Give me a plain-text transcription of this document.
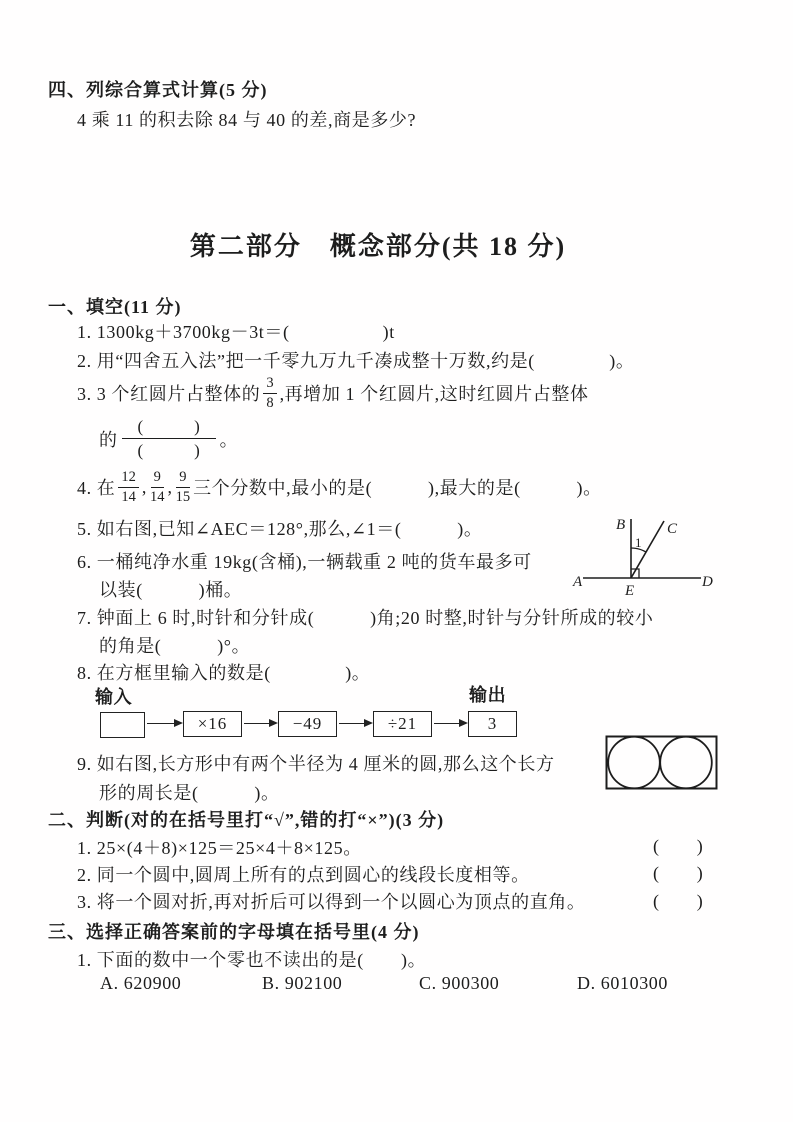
四、列综合算式计算(5 分)
4 乘 11 的积去除 84 与 40 的差,商是多少?
第二部分　概念部分(共 18 分)
一、填空(11 分)
1. 1300kg＋3700kg－3t＝(　　　　　)t
2. 用“四舍五入法”把一千零九万九千凑成整十万数,约是(　　　　)。
3. 3 个红圆片占整体的 $\frac{3}{8}$ ,再增加 1 个红圆片,这时红圆片占整体
的 $\frac{( )}{( )}$ 。
4. 在 $\frac{12}{14}$ , $\frac{9}{14}$ , $\frac{9}{15}$ 三个分数中,最小的是(　　　),最大的是(　　　)。
5. 如右图,已知∠AEC＝128°,那么,∠1＝(　　　)。
6. 一桶纯净水重 19kg(含桶),一辆载重 2 吨的货车最多可
以装(　　　)桶。
7. 钟面上 6 时,时针和分针成(　　　)角;20 时整,时针与分针所成的较小
的角是(　　　)°。
8. 在方框里输入的数是(　　　　)。
输入	输出
×16	−49	÷21	3
9. 如右图,长方形中有两个半径为 4 厘米的圆,那么这个长方
形的周长是(　　　)。
B	C
A	D
E
1
二、判断(对的在括号里打“√”,错的打“×”)(3 分)
1. 25×(4＋8)×125＝25×4＋8×125。	(　　)
2. 同一个圆中,圆周上所有的点到圆心的线段长度相等。	(　　)
3. 将一个圆对折,再对折后可以得到一个以圆心为顶点的直角。	(　　)
三、选择正确答案前的字母填在括号里(4 分)
1. 下面的数中一个零也不读出的是(　　)。
A. 620900	B. 902100	C. 900300	D. 6010300
